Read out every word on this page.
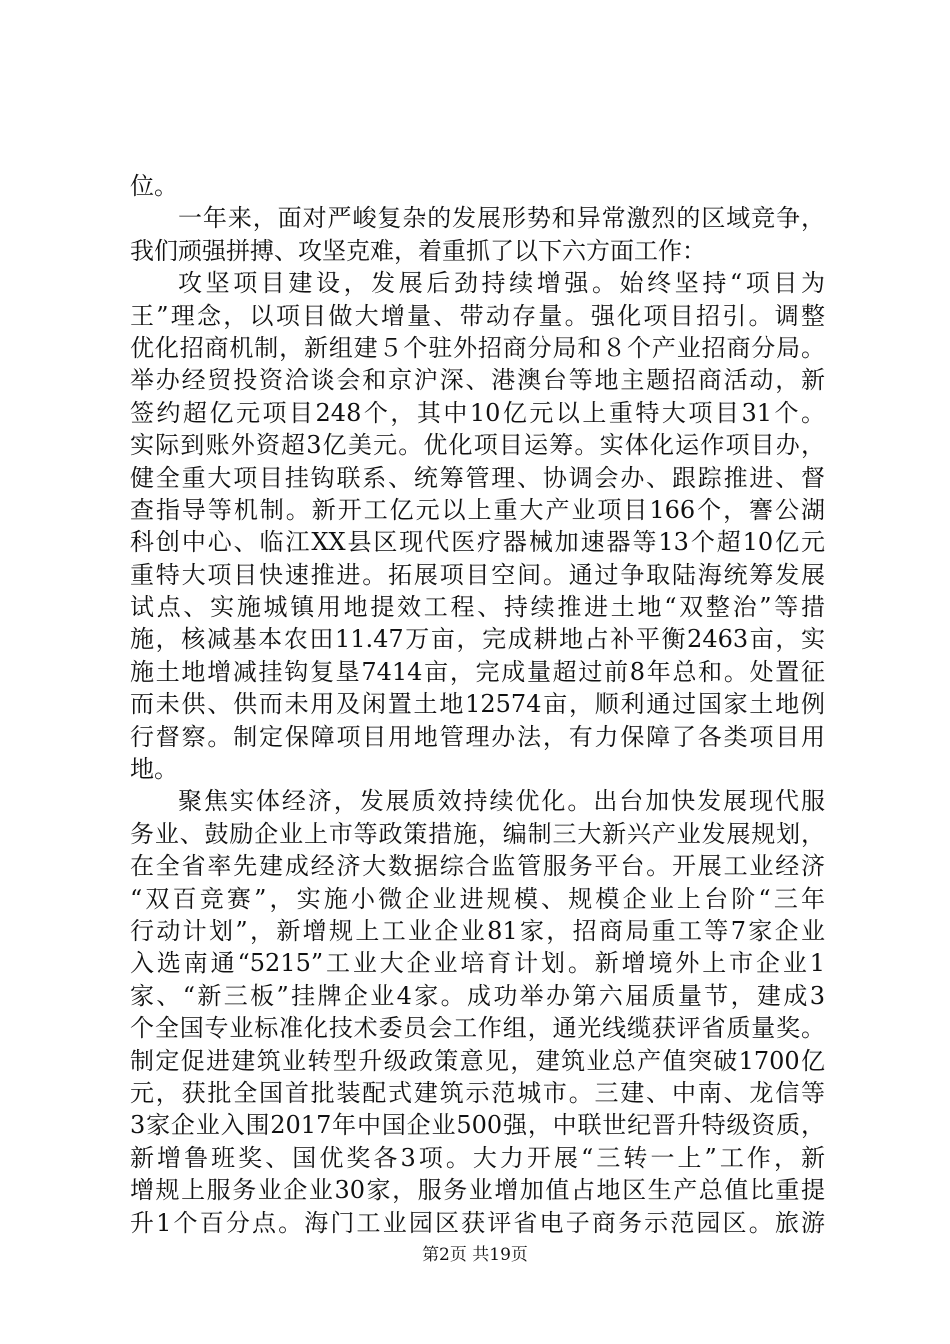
位。
一年来，面对严峻复杂的发展形势和异常激烈的区域竞争，
我们顽强拼搏、攻坚克难，着重抓了以下六方面工作：
攻坚项目建设，发展后劲持续增强。始终坚持“项目为
王”理念，以项目做大增量、带动存量。强化项目招引。调整
优化招商机制，新组建５个驻外招商分局和８个产业招商分局。
举办经贸投资洽谈会和京沪深、港澳台等地主题招商活动，新
签约超亿元项目248个，其中10亿元以上重特大项目31个。
实际到账外资超3亿美元。优化项目运筹。实体化运作项目办，
健全重大项目挂钩联系、统筹管理、协调会办、跟踪推进、督
查指导等机制。新开工亿元以上重大产业项目166个，謇公湖
科创中心、临江XX县区现代医疗器械加速器等13个超10亿元
重特大项目快速推进。拓展项目空间。通过争取陆海统筹发展
试点、实施城镇用地提效工程、持续推进土地“双整治”等措
施，核减基本农田11.47万亩，完成耕地占补平衡2463亩，实
施土地增减挂钩复垦7414亩，完成量超过前8年总和。处置征
而未供、供而未用及闲置土地12574亩，顺利通过国家土地例
行督察。制定保障项目用地管理办法，有力保障了各类项目用
地。
聚焦实体经济，发展质效持续优化。出台加快发展现代服
务业、鼓励企业上市等政策措施，编制三大新兴产业发展规划，
在全省率先建成经济大数据综合监管服务平台。开展工业经济
“双百竞赛”，实施小微企业进规模、规模企业上台阶“三年
行动计划”，新增规上工业企业81家，招商局重工等7家企业
入选南通“5215”工业大企业培育计划。新增境外上市企业1
家、“新三板”挂牌企业4家。成功举办第六届质量节，建成3
个全国专业标准化技术委员会工作组，通光线缆获评省质量奖。
制定促进建筑业转型升级政策意见，建筑业总产值突破1700亿
元，获批全国首批装配式建筑示范城市。三建、中南、龙信等
3家企业入围2017年中国企业500强，中联世纪晋升特级资质，
新增鲁班奖、国优奖各3项。大力开展“三转一上”工作，新
增规上服务业企业30家，服务业增加值占地区生产总值比重提
升1个百分点。海门工业园区获评省电子商务示范园区。旅游
第2页 共19页
